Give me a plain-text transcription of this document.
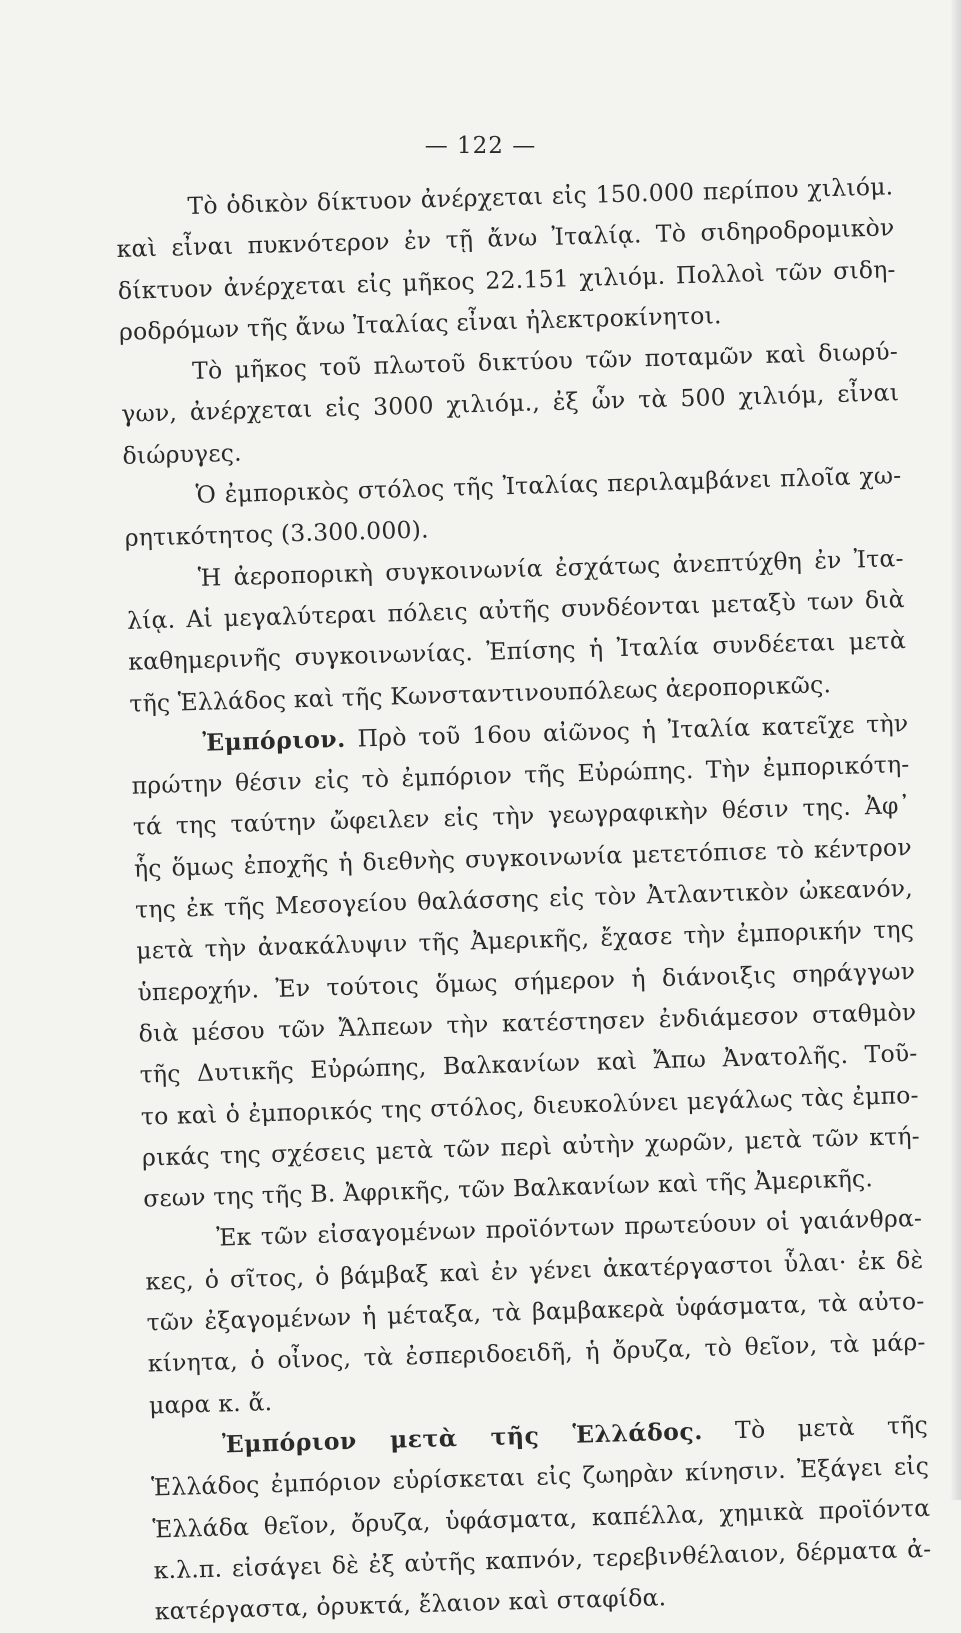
— 122 —
Τὸ ὁδικὸν δίκτυον ἀνέρχεται εἰς 150.000 περίπου χιλιόμ.
καὶ εἶναι πυκνότερον ἐν τῇ ἄνω Ἰταλίᾳ. Τὸ σιδηροδρομικὸν
δίκτυον ἀνέρχεται εἰς μῆκος 22.151 χιλιόμ. Πολλοὶ τῶν σιδη-
ροδρόμων τῆς ἄνω Ἰταλίας εἶναι ἠλεκτροκίνητοι.
Τὸ μῆκος τοῦ πλωτοῦ δικτύου τῶν ποταμῶν καὶ διωρύ-
γων, ἀνέρχεται εἰς 3000 χιλιόμ., ἐξ ὧν τὰ 500 χιλιόμ, εἶναι
διώρυγες.
Ὁ ἐμπορικὸς στόλος τῆς Ἰταλίας περιλαμβάνει πλοῖα χω-
ρητικότητος (3.300.000).
Ἡ ἀεροπορικὴ συγκοινωνία ἐσχάτως ἀνεπτύχθη ἐν Ἰτα-
λίᾳ. Αἱ μεγαλύτεραι πόλεις αὐτῆς συνδέονται μεταξὺ των διὰ
καθημερινῆς συγκοινωνίας. Ἐπίσης ἡ Ἰταλία συνδέεται μετὰ
τῆς Ἑλλάδος καὶ τῆς Κωνσταντινουπόλεως ἀεροπορικῶς.
Ἐμπόριον. Πρὸ τοῦ 16ου αἰῶνος ἡ Ἰταλία κατεῖχε τὴν
πρώτην θέσιν εἰς τὸ ἐμπόριον τῆς Εὐρώπης. Τὴν ἐμπορικότη-
τά της ταύτην ὤφειλεν εἰς τὴν γεωγραφικὴν θέσιν της. Ἀφ᾽
ἧς ὅμως ἐποχῆς ἡ διεθνὴς συγκοινωνία μετετόπισε τὸ κέντρον
της ἐκ τῆς Μεσογείου θαλάσσης εἰς τὸν Ἀτλαντικὸν ὠκεανόν,
μετὰ τὴν ἀνακάλυψιν τῆς Ἀμερικῆς, ἔχασε τὴν ἐμπορικήν της
ὑπεροχήν. Ἐν τούτοις ὅμως σήμερον ἡ διάνοιξις σηράγγων
διὰ μέσου τῶν Ἄλπεων τὴν κατέστησεν ἐνδιάμεσον σταθμὸν
τῆς Δυτικῆς Εὐρώπης, Βαλκανίων καὶ Ἄπω Ἀνατολῆς. Τοῦ-
το καὶ ὁ ἐμπορικός της στόλος, διευκολύνει μεγάλως τὰς ἐμπο-
ρικάς της σχέσεις μετὰ τῶν περὶ αὐτὴν χωρῶν, μετὰ τῶν κτή-
σεων της τῆς Β. Ἀφρικῆς, τῶν Βαλκανίων καὶ τῆς Ἀμερικῆς.
Ἐκ τῶν εἰσαγομένων προϊόντων πρωτεύουν οἱ γαιάνθρα-
κες, ὁ σῖτος, ὁ βάμβαξ καὶ ἐν γένει ἀκατέργαστοι ὗλαι· ἐκ δὲ
τῶν ἐξαγομένων ἡ μέταξα, τὰ βαμβακερὰ ὑφάσματα, τὰ αὐτο-
κίνητα, ὁ οἶνος, τὰ ἐσπεριδοειδῆ, ἡ ὄρυζα, τὸ θεῖον, τὰ μάρ-
μαρα κ. ἄ.
Ἐμπόριον μετὰ τῆς Ἑλλάδος. Τὸ μετὰ τῆς
Ἑλλάδος ἐμπόριον εὑρίσκεται εἰς ζωηρὰν κίνησιν. Ἐξάγει εἰς
Ἑλλάδα θεῖον, ὄρυζα, ὑφάσματα, καπέλλα, χημικὰ προϊόντα
κ.λ.π. εἰσάγει δὲ ἐξ αὐτῆς καπνόν, τερεβινθέλαιον, δέρματα ἀ-
κατέργαστα, ὀρυκτά, ἔλαιον καὶ σταφίδα.
